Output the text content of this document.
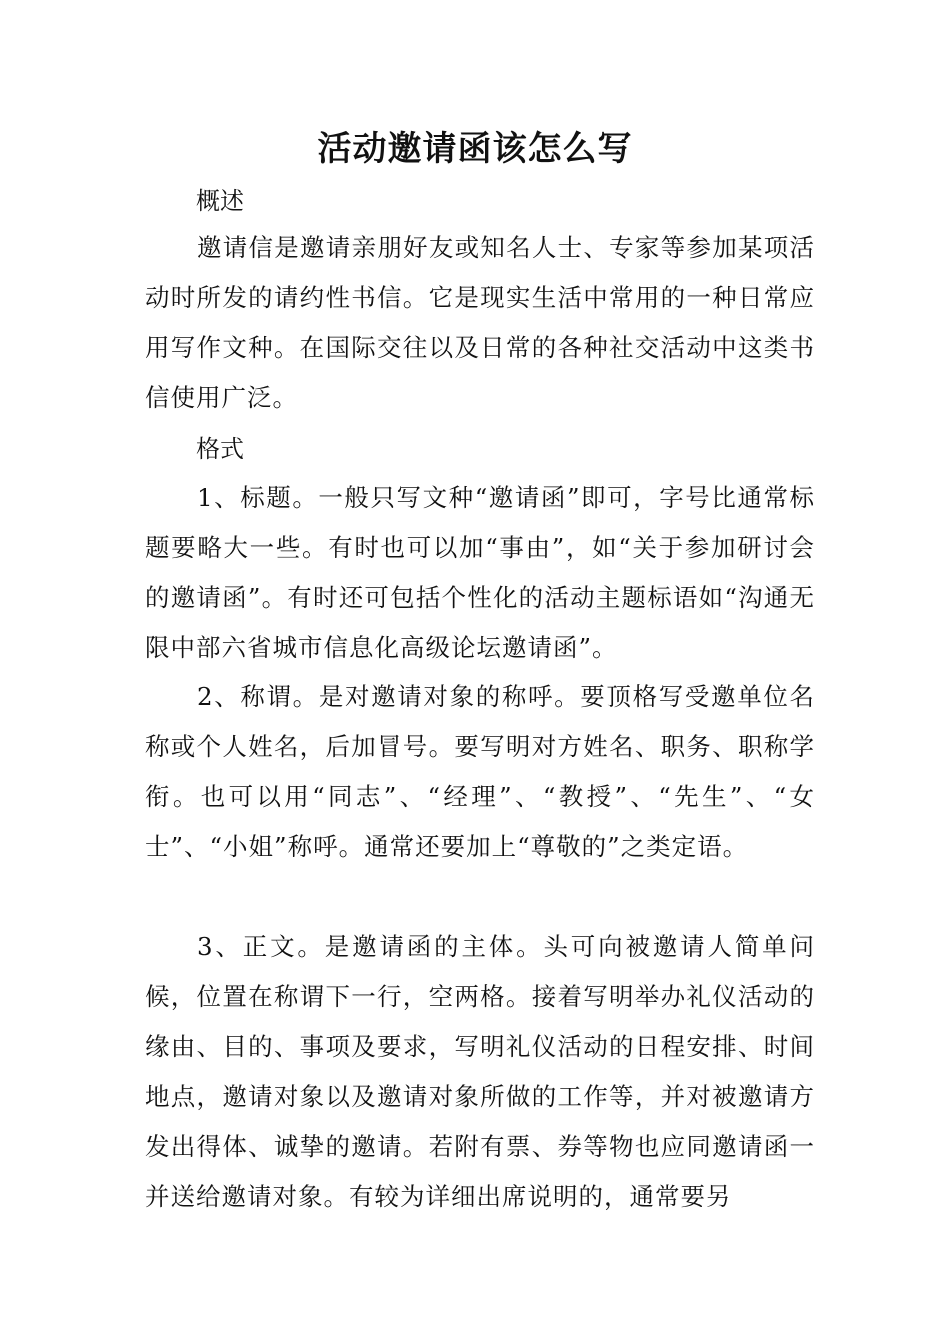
活动邀请函该怎么写
概述

邀请信是邀请亲朋好友或知名人士、专家等参加某项活动时所发的请约性书信。它是现实生活中常用的一种日常应用写作文种。在国际交往以及日常的各种社交活动中这类书信使用广泛。

格式

1、标题。一般只写文种“邀请函”即可，字号比通常标题要略大一些。有时也可以加“事由”，如“关于参加研讨会的邀请函”。有时还可包括个性化的活动主题标语如“沟通无限中部六省城市信息化高级论坛邀请函”。

2、称谓。是对邀请对象的称呼。要顶格写受邀单位名称或个人姓名，后加冒号。要写明对方姓名、职务、职称学衔。也可以用“同志”、“经理”、“教授”、“先生”、“女士”、“小姐”称呼。通常还要加上“尊敬的”之类定语。

3、正文。是邀请函的主体。头可向被邀请人简单问候，位置在称谓下一行，空两格。接着写明举办礼仪活动的缘由、目的、事项及要求，写明礼仪活动的日程安排、时间地点，邀请对象以及邀请对象所做的工作等，并对被邀请方发出得体、诚挚的邀请。若附有票、券等物也应同邀请函一并送给邀请对象。有较为详细出席说明的，通常要另
